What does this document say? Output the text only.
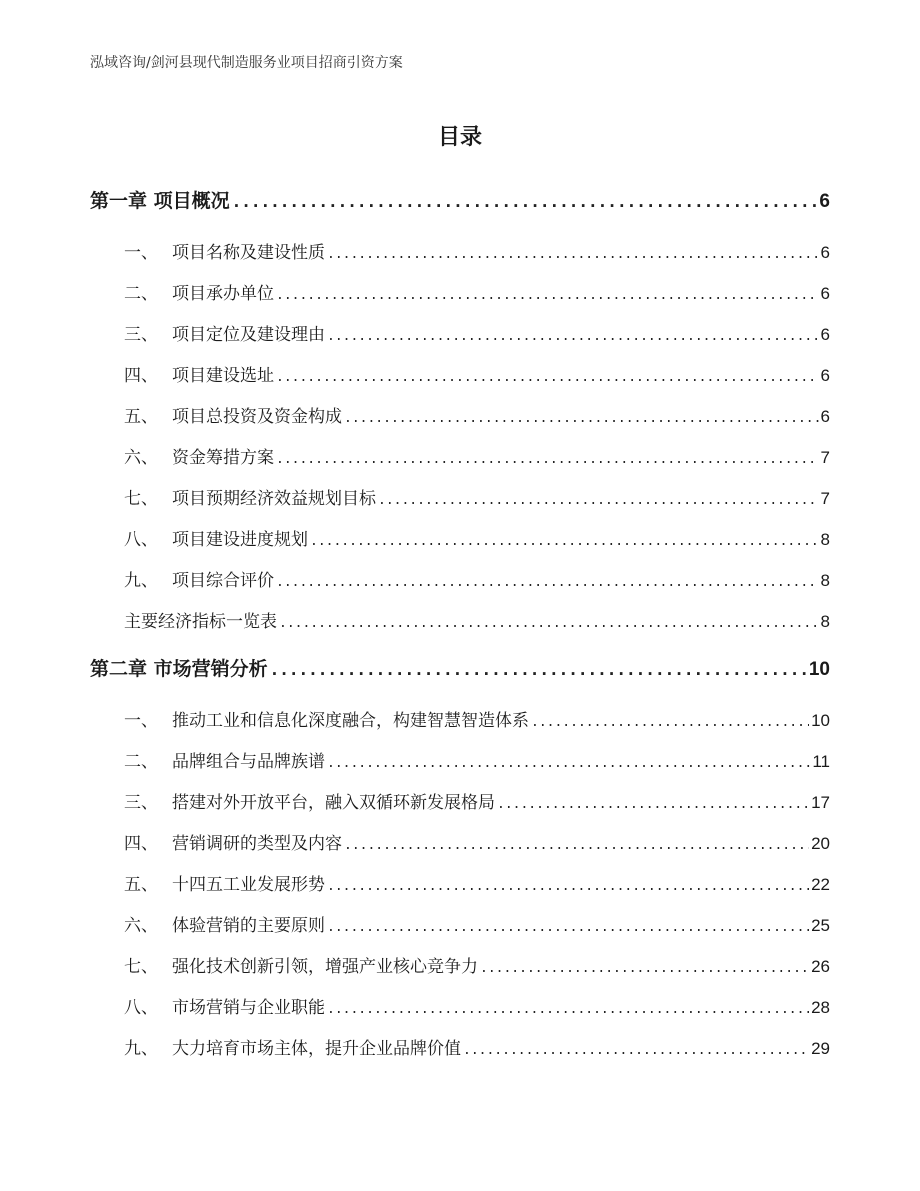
泓域咨询/剑河县现代制造服务业项目招商引资方案
目录
第一章 项目概况 .....	6
一、 项目名称及建设性质 .....	6
二、 项目承办单位 .....	6
三、 项目定位及建设理由 .....	6
四、 项目建设选址 .....	6
五、 项目总投资及资金构成 .....	6
六、 资金筹措方案 .....	7
七、 项目预期经济效益规划目标 .....	7
八、 项目建设进度规划 .....	8
九、 项目综合评价 .....	8
主要经济指标一览表 .....	8
第二章 市场营销分析 .....	10
一、 推动工业和信息化深度融合，构建智慧智造体系 .....	10
二、 品牌组合与品牌族谱 .....	11
三、 搭建对外开放平台，融入双循环新发展格局 .....	17
四、 营销调研的类型及内容 .....	20
五、 十四五工业发展形势 .....	22
六、 体验营销的主要原则 .....	25
七、 强化技术创新引领，增强产业核心竞争力 .....	26
八、 市场营销与企业职能 .....	28
九、 大力培育市场主体，提升企业品牌价值 .....	29
